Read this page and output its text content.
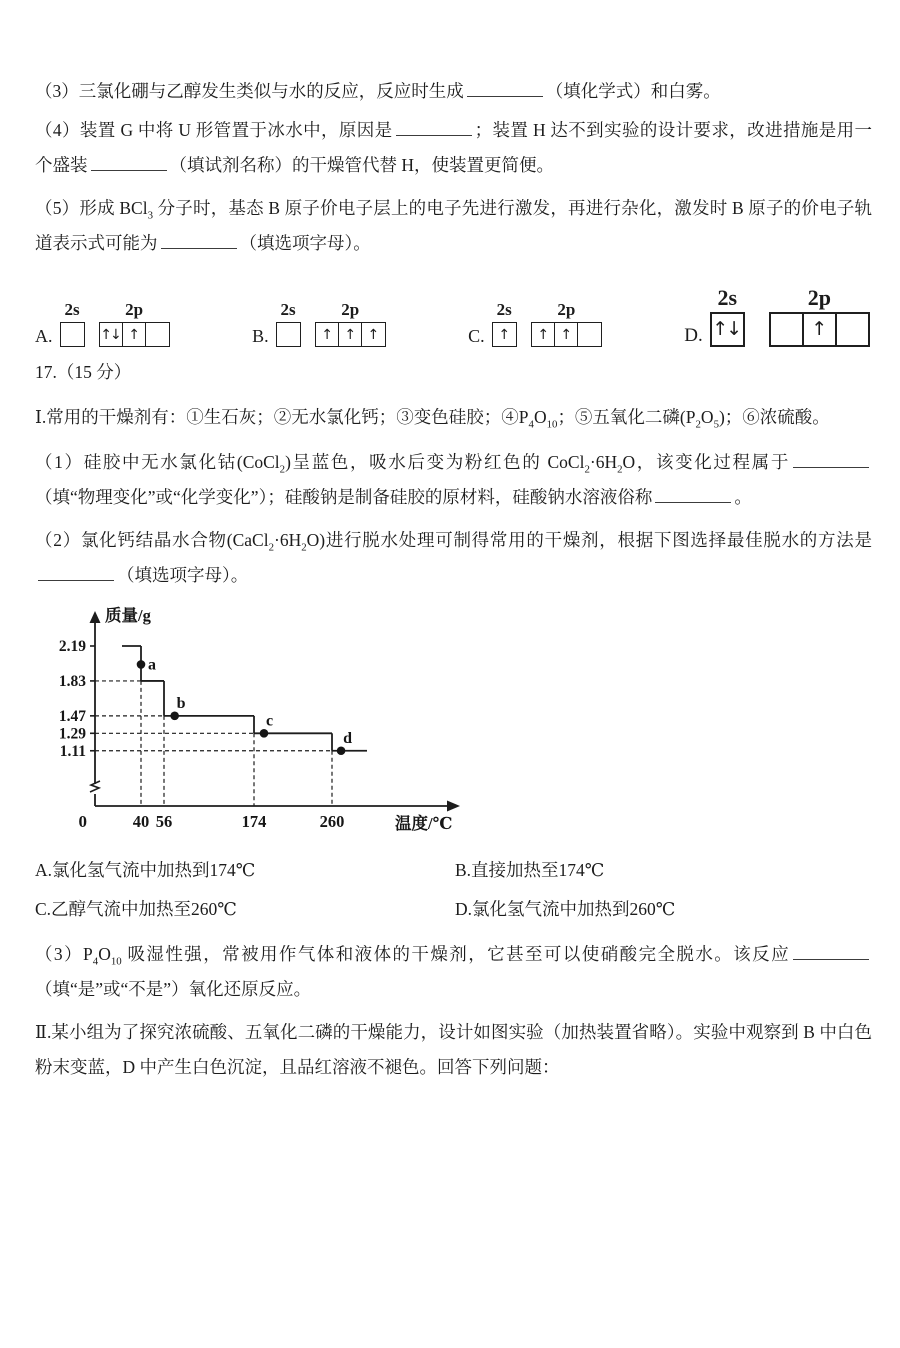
（3）三氯化硼与乙醇发生类似与水的反应，反应时生成	（填化学式）和白雾。

（4）装置 G 中将 U 形管置于冰水中，原因是	；装置 H 达不到实验的设计要求，改进措施是用一个盛装	（填试剂名称）的干燥管代替 H，使装置更简便。

（5）形成 BCl$_3$ 分子时，基态 B 原子价电子层上的电子先进行激发，再进行杂化，激发时 B 原子的价电子轨道表示式可能为	（填选项字母）。

A.
2s	2p
↑↓ ↑	B.
2s	2p
↑ ↑ ↑	C.
2s
↑
2p
↑ ↑	D.
2s
↑↓
2p
↑

17.（15 分）

Ⅰ.常用的干燥剂有：①生石灰；②无水氯化钙；③变色硅胶；$④P_4O_{10}$；⑤五氧化二磷$(P_2O_5)$；⑥浓硫酸。

（1）硅胶中无水氯化钴(CoCl$_2$)呈蓝色，吸水后变为粉红色的 $CoCl_2\cdot 6H_2O$，该变化过程属于（填“物理变化”或“化学变化”）；硅酸钠是制备硅胶的原材料，硅酸钠水溶液俗称	。

（2）氯化钙结晶水合物$(CaCl_2\cdot 6H_2O)$进行脱水处理可制得常用的干燥剂，根据下图选择最佳脱水的方法是（填选项字母）。

2.19
1.83
1.47
1.29
1.11
0	40 56	174	260
质量/g
温度/℃
a
b
c
d
A.氯化氢气流中加热到174℃	B.直接加热至174℃
C.乙醇气流中加热至260℃	D.氯化氢气流中加热到260℃

$(3)P_4O_{10}$ 吸湿性强，常被用作气体和液体的干燥剂，它甚至可以使硝酸完全脱水。该反应（填“是”或“不是”）氧化还原反应。

Ⅱ.某小组为了探究浓硫酸、五氧化二磷的干燥能力，设计如图实验（加热装置省略）。实验中观察到 B 中白色粉末变蓝，D 中产生白色沉淀，且品红溶液不褪色。回答下列问题：
